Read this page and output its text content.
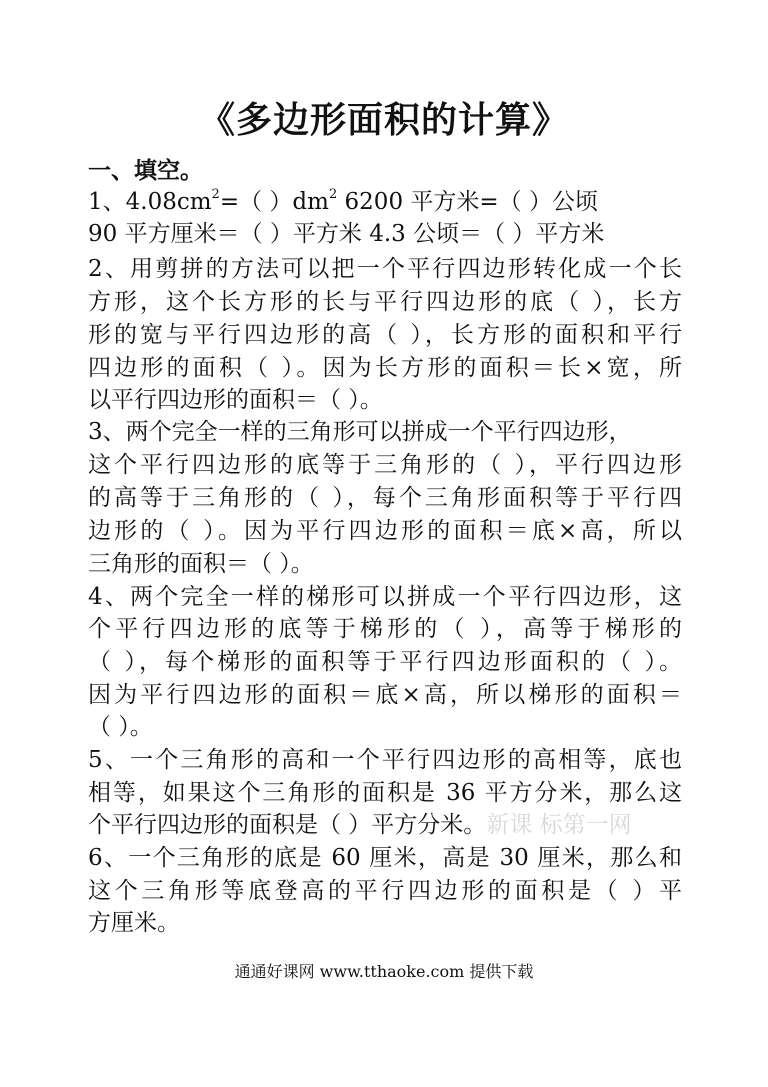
《多边形面积的计算》
一、填空。
1、$4.08cm^2=$（ ）$dm^2$ 6200 平方米=（ ）公顷
90 平方厘米＝（ ）平方米 4.3 公顷＝（ ）平方米
2、用剪拼的方法可以把一个平行四边形转化成一个长
方形，这个长方形的长与平行四边形的底（ ），长方
形的宽与平行四边形的高（ ），长方形的面积和平行
四边形的面积（ ）。因为长方形的面积＝长×宽，所
以平行四边形的面积＝（ ）。
3、两个完全一样的三角形可以拼成一个平行四边形，
这个平行四边形的底等于三角形的（ ），平行四边形
的高等于三角形的（ ），每个三角形面积等于平行四
边形的（ ）。因为平行四边形的面积＝底×高，所以
三角形的面积＝（ ）。
4、两个完全一样的梯形可以拼成一个平行四边形，这
个平行四边形的底等于梯形的（ ），高等于梯形的
（ ），每个梯形的面积等于平行四边形面积的（ ）。
因为平行四边形的面积＝底×高，所以梯形的面积＝
（ ）。
5、一个三角形的高和一个平行四边形的高相等，底也
相等，如果这个三角形的面积是 36 平方分米，那么这
个平行四边形的面积是（ ）平方分米。新课 标第一网
6、一个三角形的底是 60 厘米，高是 30 厘米，那么和
这个三角形等底登高的平行四边形的面积是（ ）平
方厘米。
通通好课网 www.tthaoke.com 提供下载
